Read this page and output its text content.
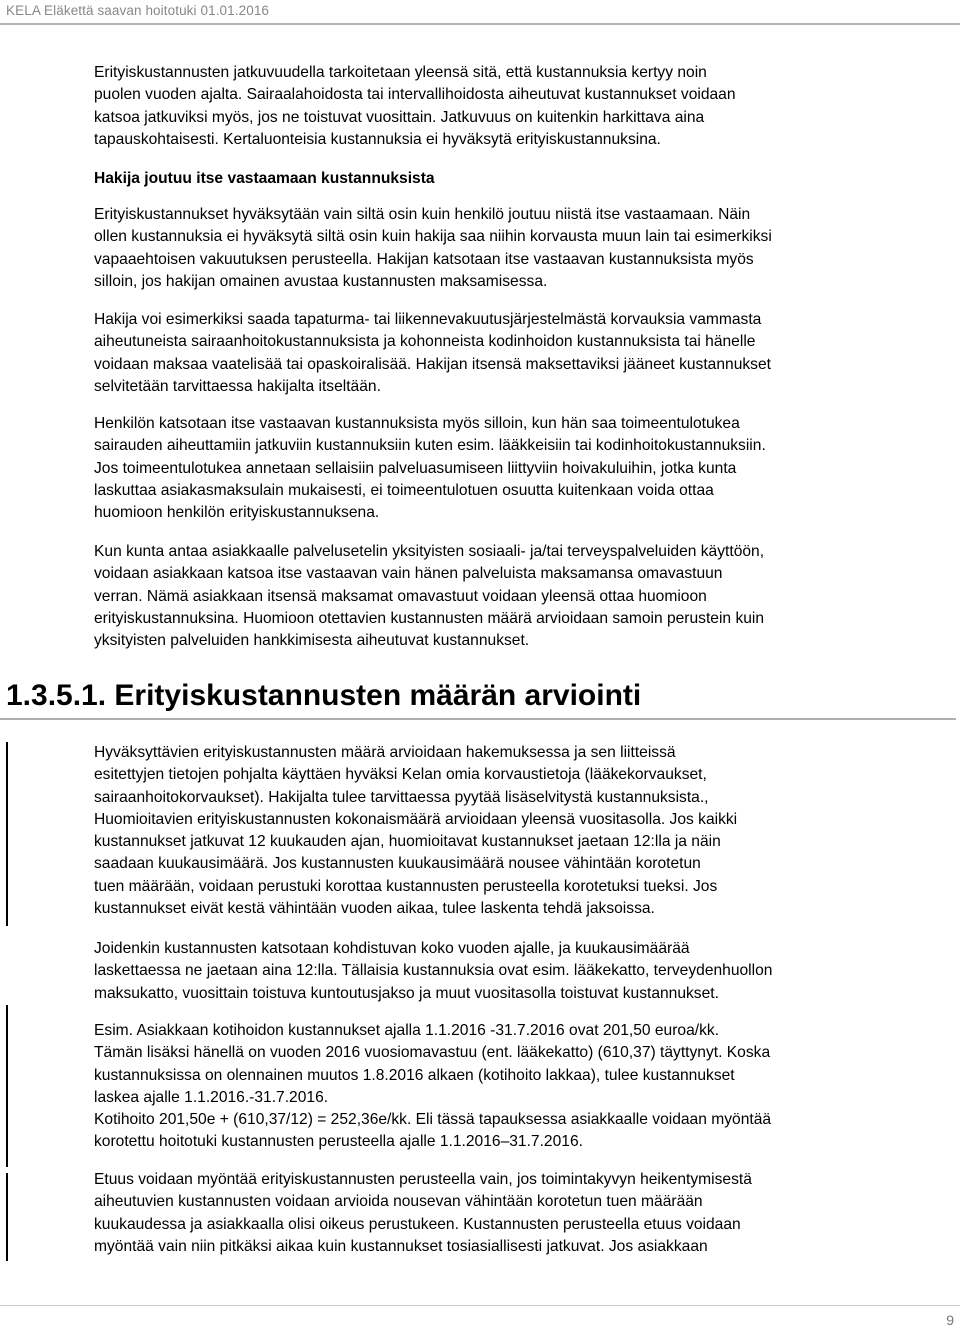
KELA Eläkettä saavan hoitotuki 01.01.2016
Erityiskustannusten jatkuvuudella tarkoitetaan yleensä sitä, että kustannuksia kertyy noin
puolen vuoden ajalta. Sairaalahoidosta tai intervallihoidosta aiheutuvat kustannukset voidaan
katsoa jatkuviksi myös, jos ne toistuvat vuosittain. Jatkuvuus on kuitenkin harkittava aina
tapauskohtaisesti. Kertaluonteisia kustannuksia ei hyväksytä erityiskustannuksina.
Hakija joutuu itse vastaamaan kustannuksista
Erityiskustannukset hyväksytään vain siltä osin kuin henkilö joutuu niistä itse vastaamaan. Näin
ollen kustannuksia ei hyväksytä siltä osin kuin hakija saa niihin korvausta muun lain tai esimerkiksi
vapaaehtoisen vakuutuksen perusteella. Hakijan katsotaan itse vastaavan kustannuksista myös
silloin, jos hakijan omainen avustaa kustannusten maksamisessa.
Hakija voi esimerkiksi saada tapaturma- tai liikennevakuutusjärjestelmästä korvauksia vammasta
aiheutuneista sairaanhoitokustannuksista ja kohonneista kodinhoidon kustannuksista tai hänelle
voidaan maksaa vaatelisää tai opaskoiralisää. Hakijan itsensä maksettaviksi jääneet kustannukset
selvitetään tarvittaessa hakijalta itseltään.
Henkilön katsotaan itse vastaavan kustannuksista myös silloin, kun hän saa toimeentulotukea
sairauden aiheuttamiin jatkuviin kustannuksiin kuten esim. lääkkeisiin tai kodinhoitokustannuksiin.
Jos toimeentulotukea annetaan sellaisiin palveluasumiseen liittyviin hoivakuluihin, jotka kunta
laskuttaa asiakasmaksulain mukaisesti, ei toimeentulotuen osuutta kuitenkaan voida ottaa
huomioon henkilön erityiskustannuksena.
Kun kunta antaa asiakkaalle palvelusetelin yksityisten sosiaali- ja/tai terveyspalveluiden käyttöön,
voidaan asiakkaan katsoa itse vastaavan vain hänen palveluista maksamansa omavastuun
verran. Nämä asiakkaan itsensä maksamat omavastuut voidaan yleensä ottaa huomioon
erityiskustannuksina. Huomioon otettavien kustannusten määrä arvioidaan samoin perustein kuin
yksityisten palveluiden hankkimisesta aiheutuvat kustannukset.
1.3.5.1. Erityiskustannusten määrän arviointi
Hyväksyttävien erityiskustannusten määrä arvioidaan hakemuksessa ja sen liitteissä
esitettyjen tietojen pohjalta käyttäen hyväksi Kelan omia korvaustietoja (lääkekorvaukset,
sairaanhoitokorvaukset). Hakijalta tulee tarvittaessa pyytää lisäselvitystä kustannuksista.,
Huomioitavien erityiskustannusten kokonaismäärä arvioidaan yleensä vuositasolla. Jos kaikki
kustannukset jatkuvat 12 kuukauden ajan, huomioitavat kustannukset jaetaan 12:lla ja näin
saadaan kuukausimäärä. Jos kustannusten kuukausimäärä nousee vähintään korotetun
tuen määrään, voidaan perustuki korottaa kustannusten perusteella korotetuksi tueksi. Jos
kustannukset eivät kestä vähintään vuoden aikaa, tulee laskenta tehdä jaksoissa.
Joidenkin kustannusten katsotaan kohdistuvan koko vuoden ajalle, ja kuukausimäärää
laskettaessa ne jaetaan aina 12:lla. Tällaisia kustannuksia ovat esim. lääkekatto, terveydenhuollon
maksukatto, vuosittain toistuva kuntoutusjakso ja muut vuositasolla toistuvat kustannukset.
Esim. Asiakkaan kotihoidon kustannukset ajalla 1.1.2016 -31.7.2016 ovat 201,50 euroa/kk.
Tämän lisäksi hänellä on vuoden 2016 vuosiomavastuu (ent. lääkekatto) (610,37) täyttynyt. Koska
kustannuksissa on olennainen muutos 1.8.2016 alkaen (kotihoito lakkaa), tulee kustannukset
laskea ajalle 1.1.2016.-31.7.2016.
Kotihoito 201,50e + (610,37/12) = 252,36e/kk. Eli tässä tapauksessa asiakkaalle voidaan myöntää
korotettu hoitotuki kustannusten perusteella ajalle 1.1.2016–31.7.2016.
Etuus voidaan myöntää erityiskustannusten perusteella vain, jos toimintakyvyn heikentymisestä
aiheutuvien kustannusten voidaan arvioida nousevan vähintään korotetun tuen määrään
kuukaudessa ja asiakkaalla olisi oikeus perustukeen. Kustannusten perusteella etuus voidaan
myöntää vain niin pitkäksi aikaa kuin kustannukset tosiasiallisesti jatkuvat. Jos asiakkaan
9
